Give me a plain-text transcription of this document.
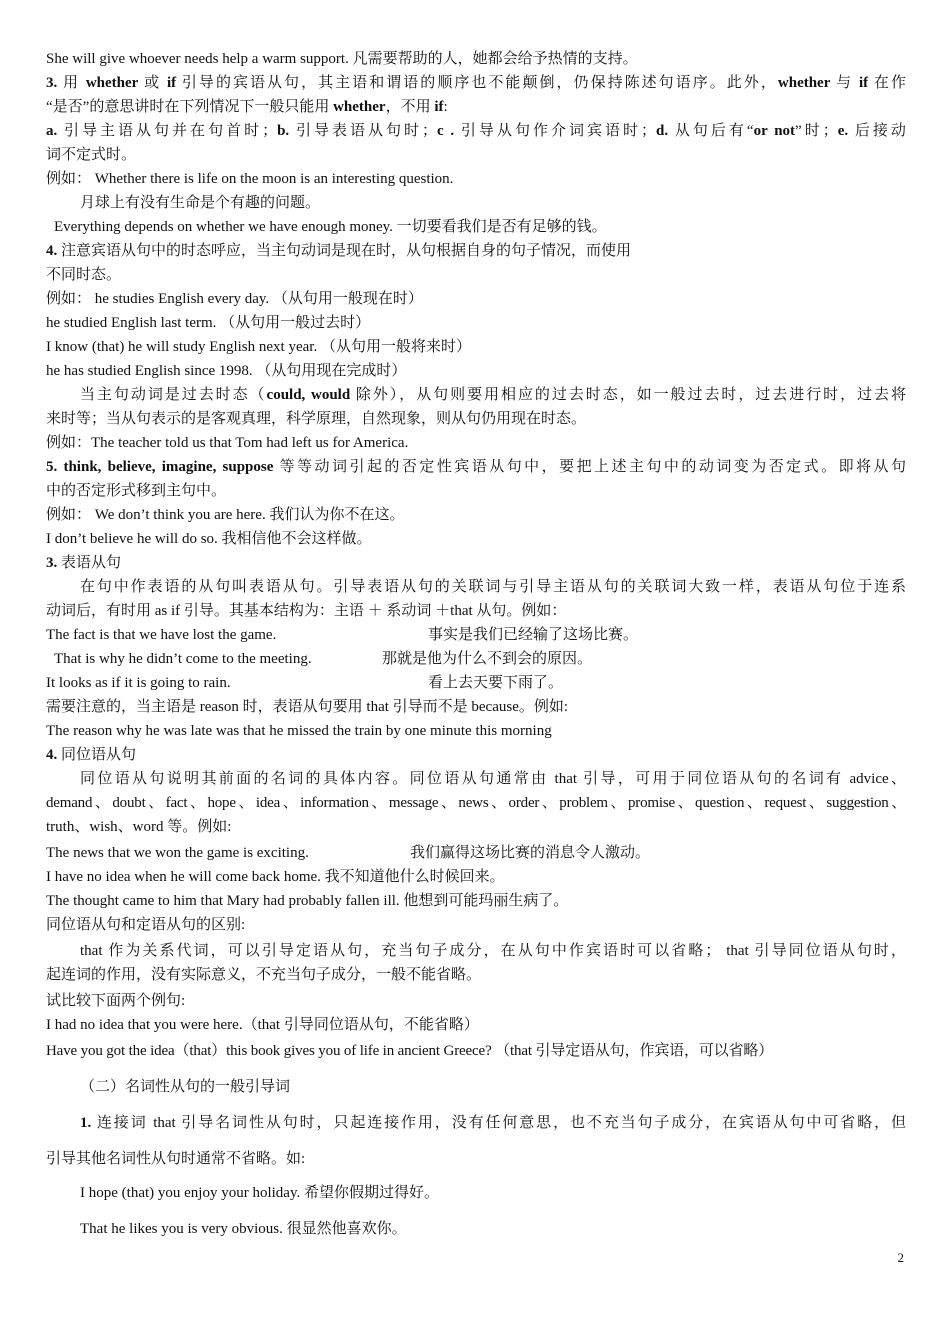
She will give whoever needs help a warm support. 凡需要帮助的人，她都会给予热情的支持。
3. 用 whether 或 if 引导的宾语从句，其主语和谓语的顺序也不能颠倒，仍保持陈述句语序。此外，whether 与 if 在作
“是否”的意思讲时在下列情况下一般只能用 whether，不用 if:
a. 引导主语从句并在句首时；b. 引导表语从句时；c . 引导从句作介词宾语时；d. 从句后有“or not”时；e. 后接动
词不定式时。
例如： Whether there is life on the moon is an interesting question.
月球上有没有生命是个有趣的问题。
Everything depends on whether we have enough money. 一切要看我们是否有足够的钱。
4. 注意宾语从句中的时态呼应，当主句动词是现在时，从句根据自身的句子情况，而使用
不同时态。
例如： he studies English every day. （从句用一般现在时）
he studied English last term. （从句用一般过去时）
I know (that) he will study English next year. （从句用一般将来时）
he has studied English since 1998. （从句用现在完成时）
当主句动词是过去时态（could, would 除外），从句则要用相应的过去时态，如一般过去时，过去进行时，过去将
来时等；当从句表示的是客观真理，科学原理，自然现象，则从句仍用现在时态。
例如：The teacher told us that Tom had left us for America.
5. think, believe, imagine, suppose 等等动词引起的否定性宾语从句中，要把上述主句中的动词变为否定式。即将从句
中的否定形式移到主句中。
例如： We don’t think you are here. 我们认为你不在这。
I don’t believe he will do so. 我相信他不会这样做。
3. 表语从句
在句中作表语的从句叫表语从句。引导表语从句的关联词与引导主语从句的关联词大致一样，表语从句位于连系
动词后，有时用 as if 引导。其基本结构为：主语 ＋ 系动词 ＋that 从句。例如：
The fact is that we have lost the game.	事实是我们已经输了这场比赛。
That is why he didn’t come to the meeting.	那就是他为什么不到会的原因。
It looks as if it is going to rain.	看上去天要下雨了。
需要注意的，当主语是 reason 时，表语从句要用 that 引导而不是 because。例如:
The reason why he was late was that he missed the train by one minute this morning
4. 同位语从句
同位语从句说明其前面的名词的具体内容。同位语从句通常由 that 引导，可用于同位语从句的名词有 advice、
demand、doubt、fact、hope、idea、information、message、news、order、problem、promise、question、request、suggestion、
truth、wish、word 等。例如:
The news that we won the game is exciting.	我们赢得这场比赛的消息令人激动。
I have no idea when he will come back home. 我不知道他什么时候回来。
The thought came to him that Mary had probably fallen ill. 他想到可能玛丽生病了。
同位语从句和定语从句的区别:
that 作为关系代词，可以引导定语从句，充当句子成分，在从句中作宾语时可以省略； that 引导同位语从句时，
起连词的作用，没有实际意义，不充当句子成分，一般不能省略。
试比较下面两个例句:
I had no idea that you were here.（that 引导同位语从句，不能省略）
Have you got the idea（that）this book gives you of life in ancient Greece? （that 引导定语从句，作宾语，可以省略）
（二）名词性从句的一般引导词
1. 连接词 that 引导名词性从句时，只起连接作用，没有任何意思，也不充当句子成分，在宾语从句中可省略，但
引导其他名词性从句时通常不省略。如:
I hope (that) you enjoy your holiday. 希望你假期过得好。
That he likes you is very obvious. 很显然他喜欢你。
2
